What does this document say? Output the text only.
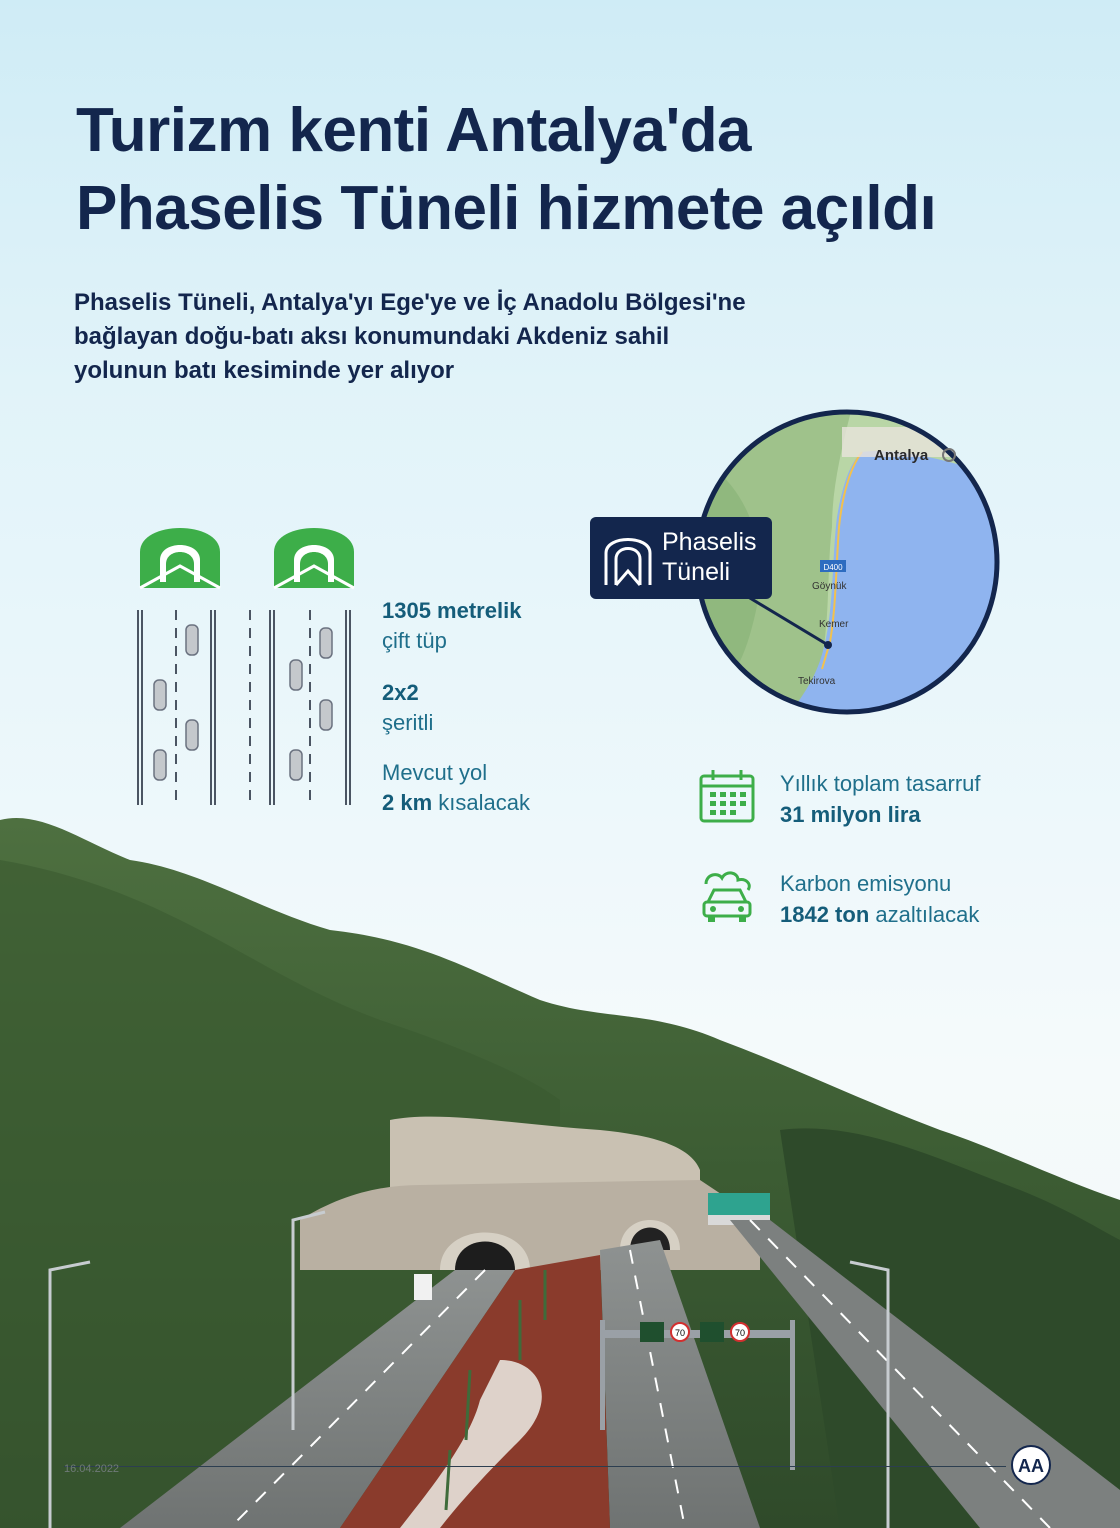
Turizm kenti Antalya'da
Phaselis Tüneli hizmete açıldı

Phaselis Tüneli, Antalya'yı Ege'ye ve İç Anadolu Bölgesi'ne
bağlayan doğu-batı aksı konumundaki Akdeniz sahil
yolunun batı kesiminde yer alıyor

70	70
1305 metrelik
çift tüp
2x2
şeritli
Mevcut yol
2 km kısalacak
Antalya
D400
Göynük
Kemer
Tekirova
Phaselis
Tüneli
Yıllık toplam tasarruf
31 milyon lira
Karbon emisyonu
1842 ton azaltılacak
16.04.2022	AA
